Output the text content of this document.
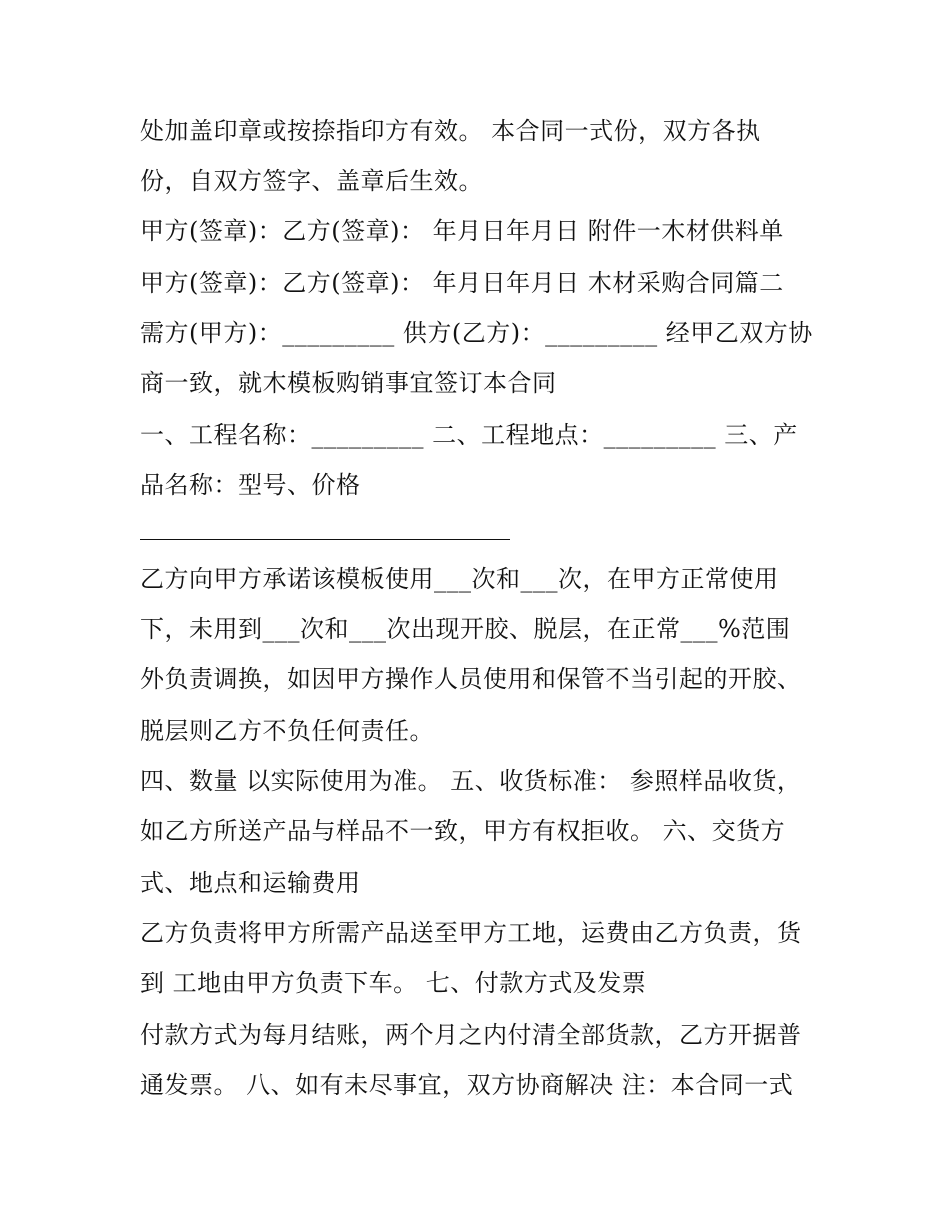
处加盖印章或按捺指印方有效。 本合同一式份，双方各执
份，自双方签字、盖章后生效。
甲方(签章)：乙方(签章)： 年月日年月日 附件一木材供料单
甲方(签章)：乙方(签章)： 年月日年月日 木材采购合同篇二
需方(甲方)：_________ 供方(乙方)：_________ 经甲乙双方协
商一致，就木模板购销事宜签订本合同
一、工程名称：_________ 二、工程地点：_________ 三、产
品名称：型号、价格
乙方向甲方承诺该模板使用___次和___次，在甲方正常使用
下，未用到___次和___次出现开胶、脱层，在正常___%范围
外负责调换，如因甲方操作人员使用和保管不当引起的开胶、
脱层则乙方不负任何责任。
四、数量 以实际使用为准。 五、收货标准： 参照样品收货，
如乙方所送产品与样品不一致，甲方有权拒收。 六、交货方
式、地点和运输费用
乙方负责将甲方所需产品送至甲方工地，运费由乙方负责，货
到 工地由甲方负责下车。 七、付款方式及发票
付款方式为每月结账，两个月之内付清全部货款，乙方开据普
通发票。 八、如有未尽事宜，双方协商解决 注：本合同一式
